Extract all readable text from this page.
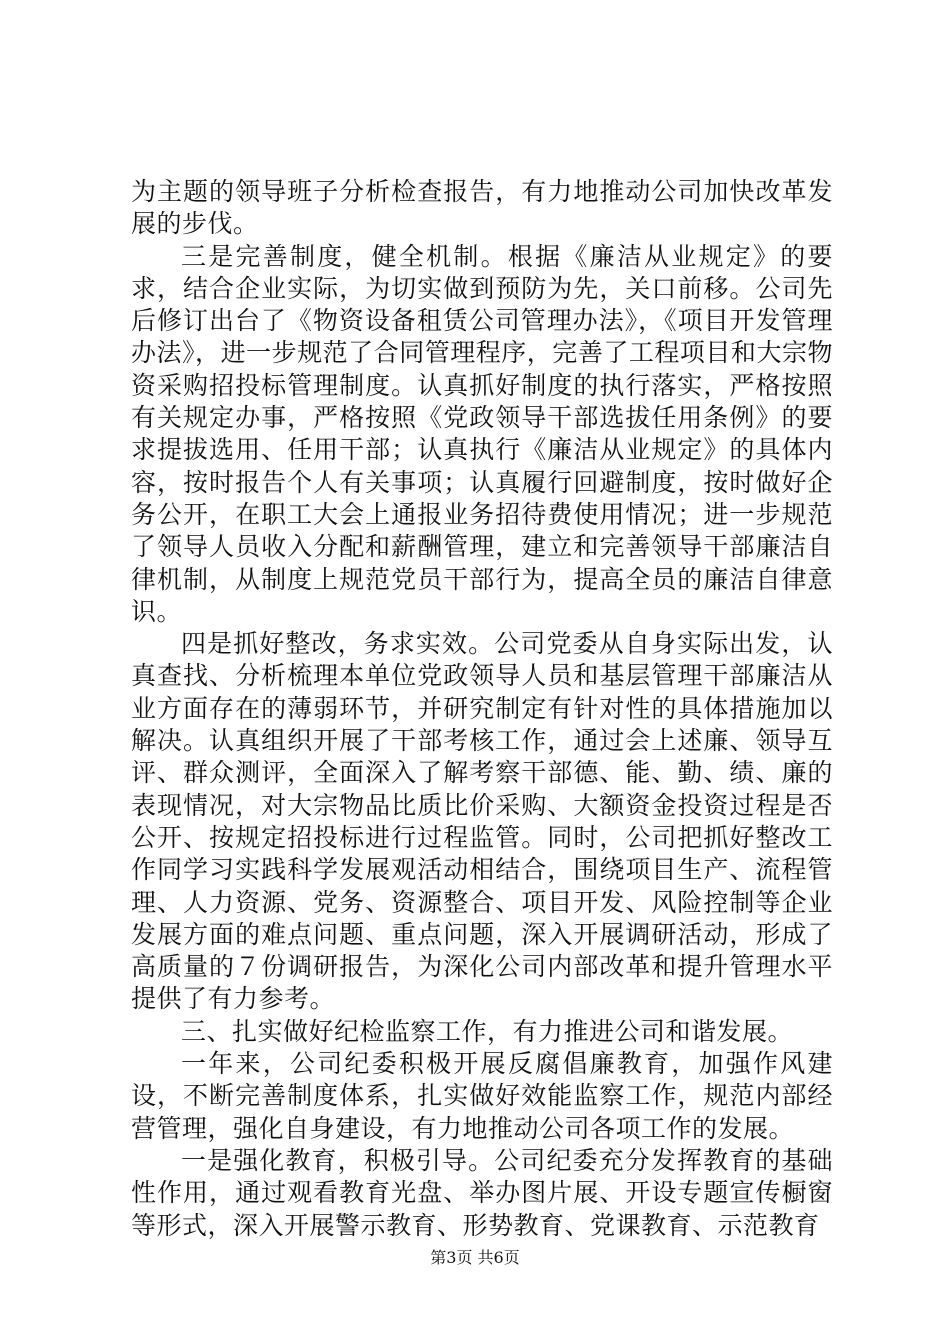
为主题的领导班子分析检查报告，有力地推动公司加快改革发展的步伐。

三是完善制度，健全机制。根据《廉洁从业规定》的要求，结合企业实际，为切实做到预防为先，关口前移。公司先后修订出台了《物资设备租赁公司管理办法》，《项目开发管理办法》，进一步规范了合同管理程序，完善了工程项目和大宗物资采购招投标管理制度。认真抓好制度的执行落实，严格按照有关规定办事，严格按照《党政领导干部选拔任用条例》的要求提拔选用、任用干部；认真执行《廉洁从业规定》的具体内容，按时报告个人有关事项；认真履行回避制度，按时做好企务公开，在职工大会上通报业务招待费使用情况；进一步规范了领导人员收入分配和薪酬管理，建立和完善领导干部廉洁自律机制，从制度上规范党员干部行为，提高全员的廉洁自律意识。

四是抓好整改，务求实效。公司党委从自身实际出发，认真查找、分析梳理本单位党政领导人员和基层管理干部廉洁从业方面存在的薄弱环节，并研究制定有针对性的具体措施加以解决。认真组织开展了干部考核工作，通过会上述廉、领导互评、群众测评，全面深入了解考察干部德、能、勤、绩、廉的表现情况，对大宗物品比质比价采购、大额资金投资过程是否公开、按规定招投标进行过程监管。同时，公司把抓好整改工作同学习实践科学发展观活动相结合，围绕项目生产、流程管理、人力资源、党务、资源整合、项目开发、风险控制等企业发展方面的难点问题、重点问题，深入开展调研活动，形成了高质量的７份调研报告，为深化公司内部改革和提升管理水平提供了有力参考。

三、扎实做好纪检监察工作，有力推进公司和谐发展。

一年来，公司纪委积极开展反腐倡廉教育，加强作风建设，不断完善制度体系，扎实做好效能监察工作，规范内部经营管理，强化自身建设，有力地推动公司各项工作的发展。

一是强化教育，积极引导。公司纪委充分发挥教育的基础性作用，通过观看教育光盘、举办图片展、开设专题宣传橱窗等形式，深入开展警示教育、形势教育、党课教育、示范教育

第3页 共6页
